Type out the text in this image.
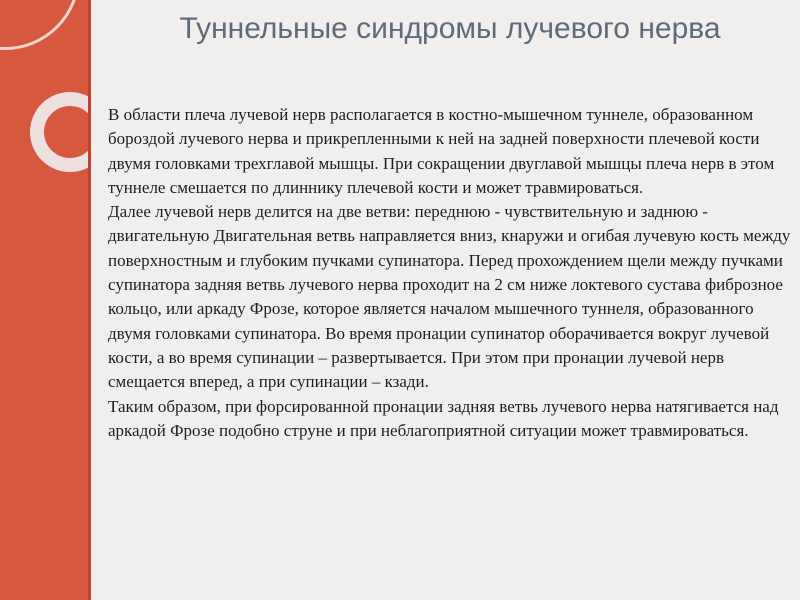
Туннельные синдромы лучевого нерва

В области плеча лучевой нерв располагается в костно-мышечном туннеле, образованном бороздой лучевого нерва и прикрепленными к ней на задней поверхности плечевой кости двумя головками трехглавой мышцы. При сокращении двуглавой мышцы плеча нерв в этом туннеле смешается по длиннику плечевой кости и может травмироваться.

Далее лучевой нерв делится на две ветви: переднюю - чувствительную и заднюю - двигательную Двигательная ветвь направляется вниз, кнаружи и огибая лучевую кость между поверхностным и глубоким пучками супинатора. Перед прохождением щели между пучками супинатора задняя ветвь лучевого нерва проходит на 2 см ниже локтевого сустава фиброзное кольцо, или аркаду Фрозе, которое является началом мышечного туннеля, образованного двумя головками супинатора. Во время пронации супинатор оборачивается вокруг лучевой кости, а во время супинации – развертывается. При этом при пронации лучевой нерв смещается вперед, а при супинации – кзади.

Таким образом, при форсированной пронации задняя ветвь лучевого нерва натягивается над аркадой Фрозе подобно струне и при неблагоприятной ситуации может травмироваться.
